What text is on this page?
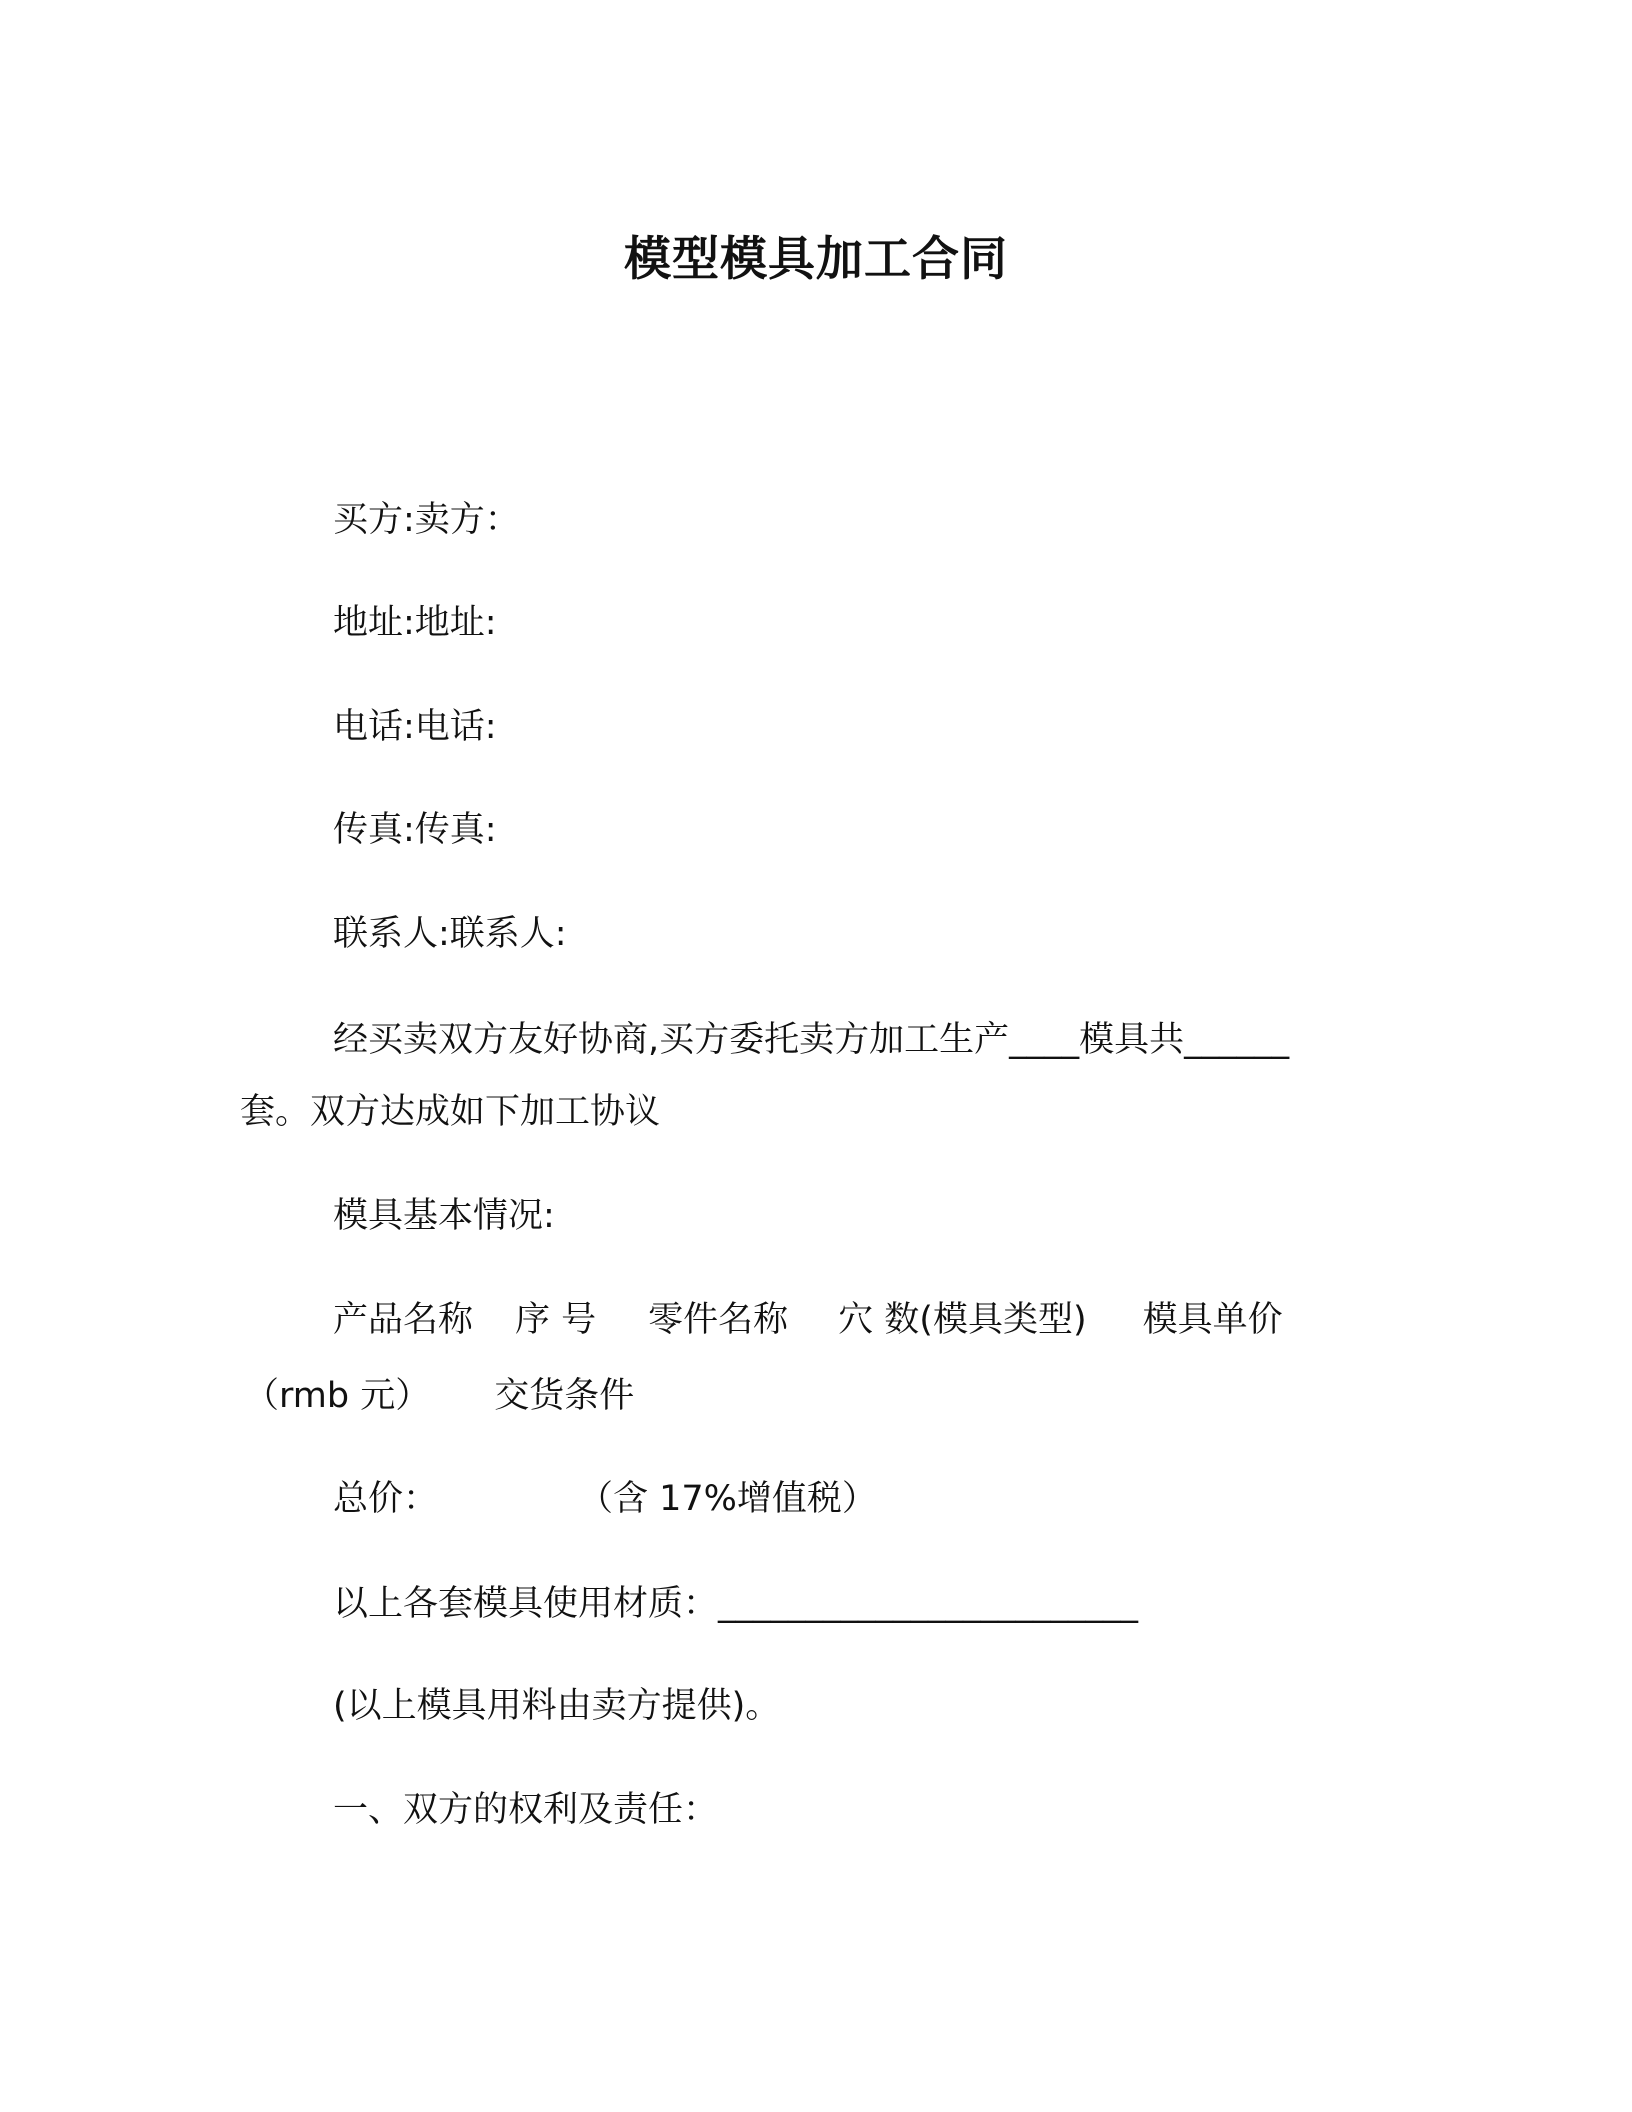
模型模具加工合同
买方:卖方：
地址:地址:
电话:电话:
传真:传真:
联系人:联系人:
经买卖双方友好协商,买方委托卖方加工生产____模具共______
套。双方达成如下加工协议
模具基本情况:
产品名称 序 号 零件名称 穴 数(模具类型) 模具单价
（rmb 元） 交货条件
总价：	（含 17%增值税）
以上各套模具使用材质：________________________
(以上模具用料由卖方提供)。
一、双方的权利及责任：
